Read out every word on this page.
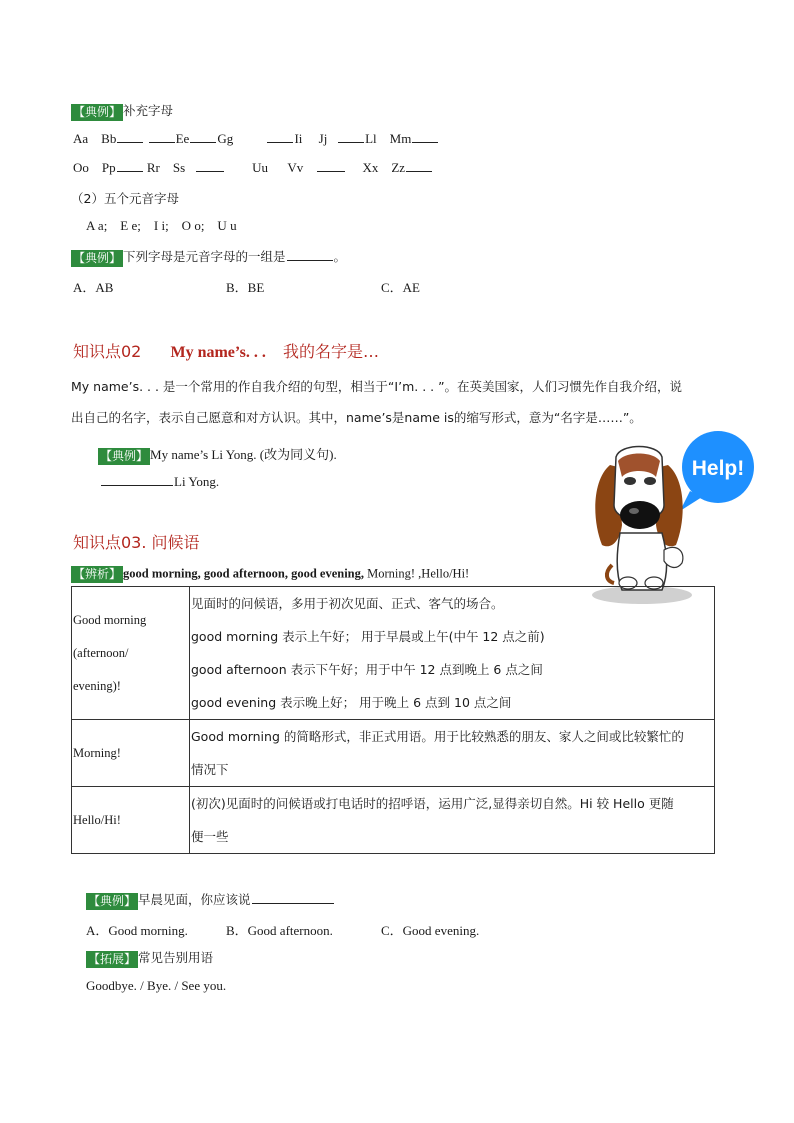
【典例】 补充字母
Aa Bb	Ee Gg	Ii Jj	Ll Mm
Oo Pp Rr Ss	Uu Vv	Xx Zz
（2）五个元音字母
A a;    E e;    I i;    O o;    U u
【典例】 下列字母是元音字母的一组是	。
A．AB	B．BE	C．AE
知识点02 My name’s. . . 我的名字是…
My name’s. . . 是一个常用的作自我介绍的句型，相当于“I’m. . . ”。在英美国家，人们习惯先作自我介绍，说
出自己的名字，表示自己愿意和对方认识。其中，name’s是name is的缩写形式，意为“名字是……”。
【典例】 My name’s Li Yong. (改为同义句).
Li Yong.
Help!
知识点03. 问候语
【辨析】 good morning, good afternoon, good evening, Morning! ,Hello/Hi!
Good morning
(afternoon/
evening)!	见面时的问候语，多用于初次见面、正式、客气的场合。
good morning 表示上午好； 用于早晨或上午(中午 12 点之前)
good afternoon 表示下午好；用于中午 12 点到晚上 6 点之间
good evening 表示晚上好； 用于晚上 6 点到 10 点之间

Morning!	Good morning 的简略形式，非正式用语。用于比较熟悉的朋友、家人之间或比较繁忙的
情况下

Hello/Hi!	(初次)见面时的问候语或打电话时的招呼语，运用广泛,显得亲切自然。Hi 较 Hello 更随
便一些
【典例】 早晨见面，你应该说
A．Good morning.	B．Good afternoon.	C．Good evening.
【拓展】 常见告别用语
Goodbye. / Bye. / See you.
